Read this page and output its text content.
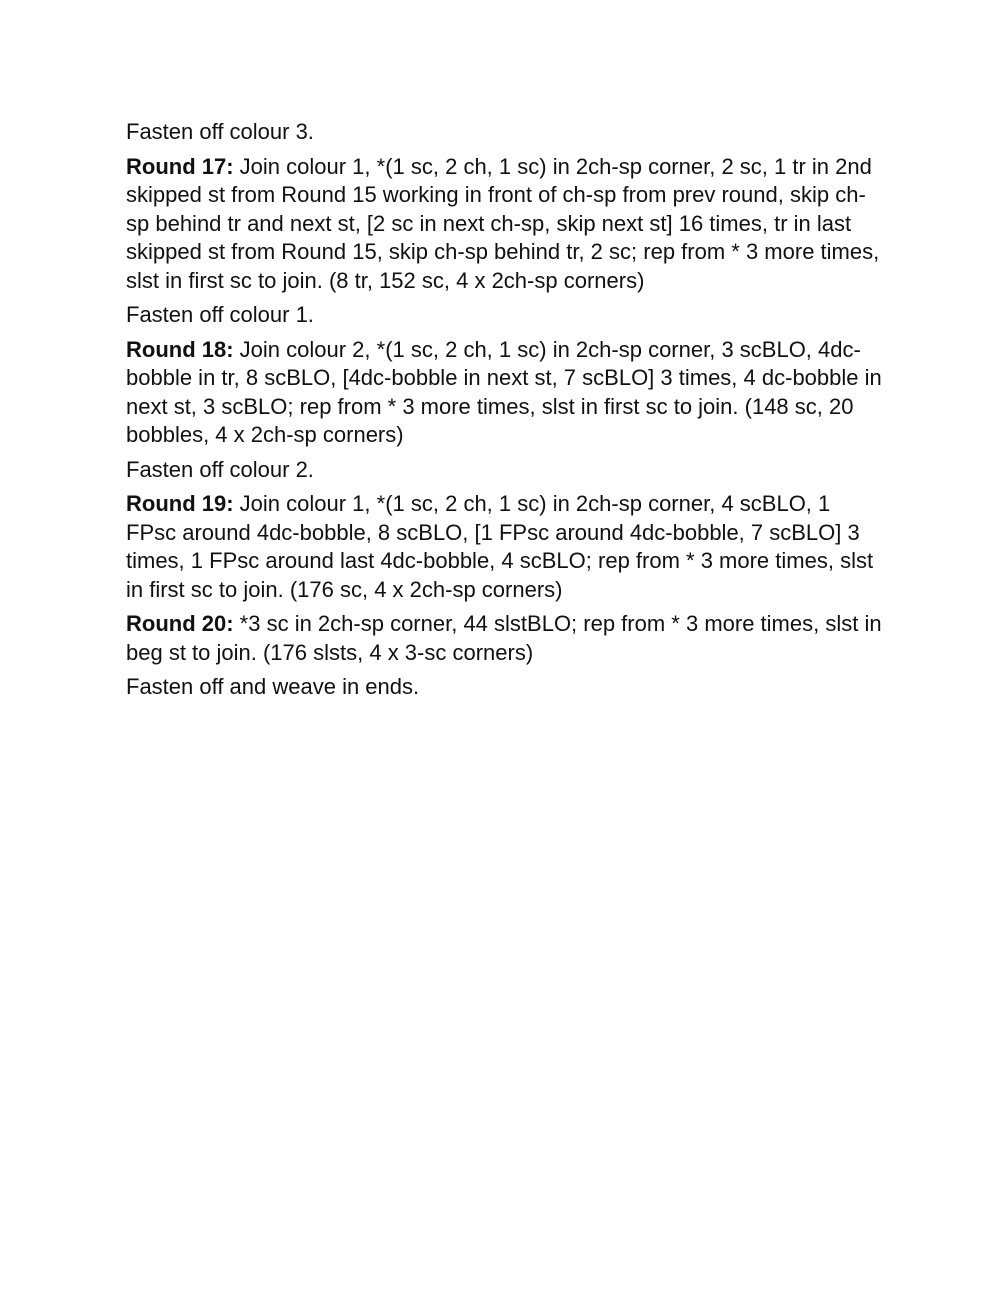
Fasten off colour 3.

Round 17: Join colour 1, *(1 sc, 2 ch, 1 sc) in 2ch-sp corner, 2 sc, 1 tr in 2nd skipped st from Round 15 working in front of ch-sp from prev round, skip ch-sp behind tr and next st, [2 sc in next ch-sp, skip next st] 16 times, tr in last skipped st from Round 15, skip ch-sp behind tr, 2 sc; rep from * 3 more times, slst in first sc to join. (8 tr, 152 sc, 4 x 2ch-sp corners)

Fasten off colour 1.

Round 18: Join colour 2, *(1 sc, 2 ch, 1 sc) in 2ch-sp corner, 3 scBLO, 4dc-bobble in tr, 8 scBLO, [4dc-bobble in next st, 7 scBLO] 3 times, 4 dc-bobble in next st, 3 scBLO; rep from * 3 more times, slst in first sc to join. (148 sc, 20 bobbles, 4 x 2ch-sp corners)

Fasten off colour 2.

Round 19: Join colour 1, *(1 sc, 2 ch, 1 sc) in 2ch-sp corner, 4 scBLO, 1 FPsc around 4dc-bobble, 8 scBLO, [1 FPsc around 4dc-bobble, 7 scBLO] 3 times, 1 FPsc around last 4dc-bobble, 4 scBLO; rep from * 3 more times, slst in first sc to join. (176 sc, 4 x 2ch-sp corners)

Round 20: *3 sc in 2ch-sp corner, 44 slstBLO; rep from * 3 more times, slst in beg st to join. (176 slsts, 4 x 3-sc corners)

Fasten off and weave in ends.
